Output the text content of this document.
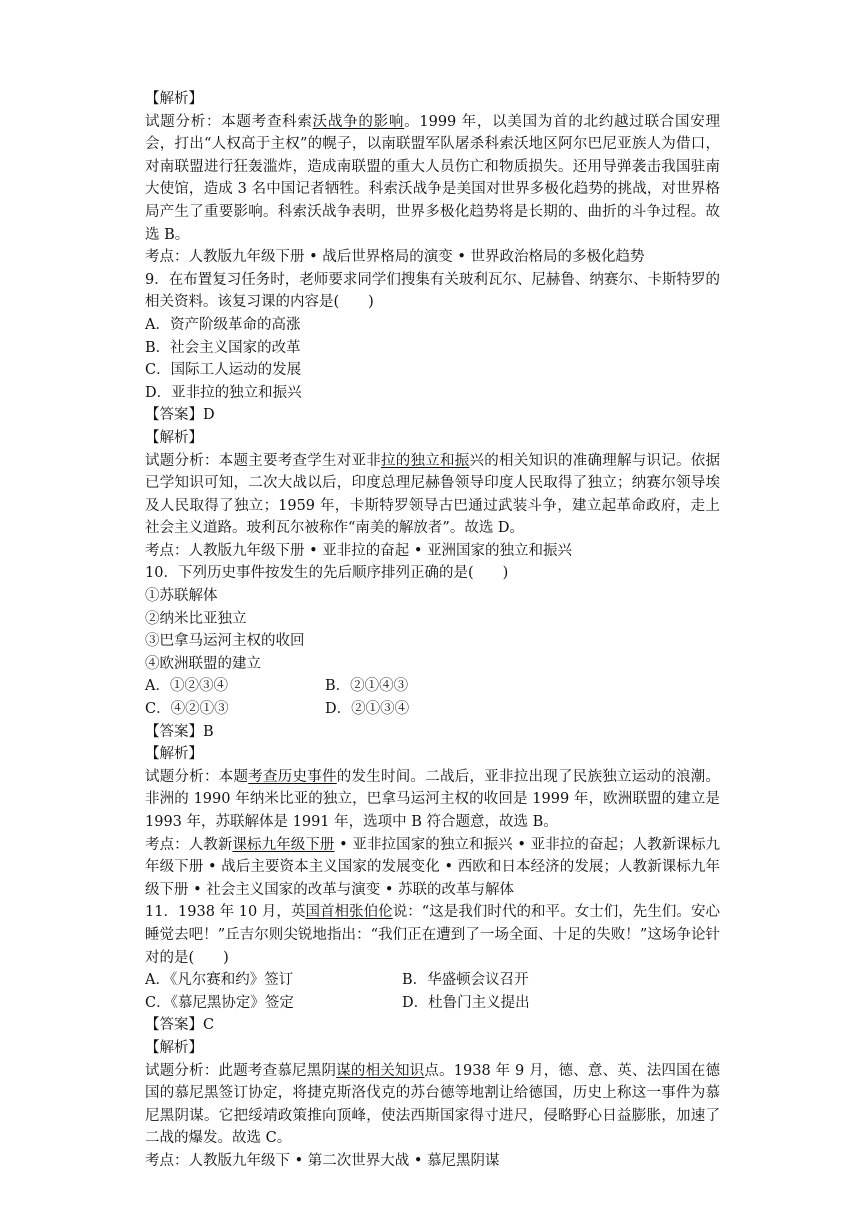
【解析】
试题分析：本题考查科索沃战争的影响。1999 年，以美国为首的北约越过联合国安理会，打出“人权高于主权”的幌子，以南联盟军队屠杀科索沃地区阿尔巴尼亚族人为借口，对南联盟进行狂轰滥炸，造成南联盟的重大人员伤亡和物质损失。还用导弹袭击我国驻南大使馆，造成 3 名中国记者牺牲。科索沃战争是美国对世界多极化趋势的挑战，对世界格局产生了重要影响。科索沃战争表明，世界多极化趋势将是长期的、曲折的斗争过程。故选 B。
考点：人教版九年级下册 • 战后世界格局的演变 • 世界政治格局的多极化趋势
9．在布置复习任务时，老师要求同学们搜集有关玻利瓦尔、尼赫鲁、纳赛尔、卡斯特罗的相关资料。该复习课的内容是(　　)
A．资产阶级革命的高涨
B．社会主义国家的改革
C．国际工人运动的发展
D．亚非拉的独立和振兴
【答案】D
【解析】
试题分析：本题主要考查学生对亚非拉的独立和振兴的相关知识的准确理解与识记。依据已学知识可知，二次大战以后，印度总理尼赫鲁领导印度人民取得了独立；纳赛尔领导埃及人民取得了独立；1959 年，卡斯特罗领导古巴通过武装斗争，建立起革命政府，走上社会主义道路。玻利瓦尔被称作“南美的解放者”。故选 D。
考点：人教版九年级下册 • 亚非拉的奋起 • 亚洲国家的独立和振兴
10．下列历史事件按发生的先后顺序排列正确的是(　　)
①苏联解体
②纳米比亚独立
③巴拿马运河主权的收回
④欧洲联盟的建立
A．①②③④	B．②①④③
C．④②①③	D．②①③④
【答案】B
【解析】
试题分析：本题考查历史事件的发生时间。二战后，亚非拉出现了民族独立运动的浪潮。非洲的 1990 年纳米比亚的独立，巴拿马运河主权的收回是 1999 年，欧洲联盟的建立是 1993 年，苏联解体是 1991 年，选项中 B 符合题意，故选 B。
考点：人教新课标九年级下册 • 亚非拉国家的独立和振兴 • 亚非拉的奋起；人教新课标九年级下册 • 战后主要资本主义国家的发展变化 • 西欧和日本经济的发展；人教新课标九年级下册 • 社会主义国家的改革与演变 • 苏联的改革与解体
11．1938 年 10 月，英国首相张伯伦说：“这是我们时代的和平。女士们，先生们。安心睡觉去吧！”丘吉尔则尖锐地指出：“我们正在遭到了一场全面、十足的失败！”这场争论针对的是(　　)
A．《凡尔赛和约》签订	B．华盛顿会议召开
C．《慕尼黑协定》签定	D．杜鲁门主义提出
【答案】C
【解析】
试题分析：此题考查慕尼黑阴谋的相关知识点。1938 年 9 月，德、意、英、法四国在德国的慕尼黑签订协定，将捷克斯洛伐克的苏台德等地割让给德国，历史上称这一事件为慕尼黑阴谋。它把绥靖政策推向顶峰，使法西斯国家得寸进尺，侵略野心日益膨胀，加速了二战的爆发。故选 C。
考点：人教版九年级下 • 第二次世界大战 • 慕尼黑阴谋
